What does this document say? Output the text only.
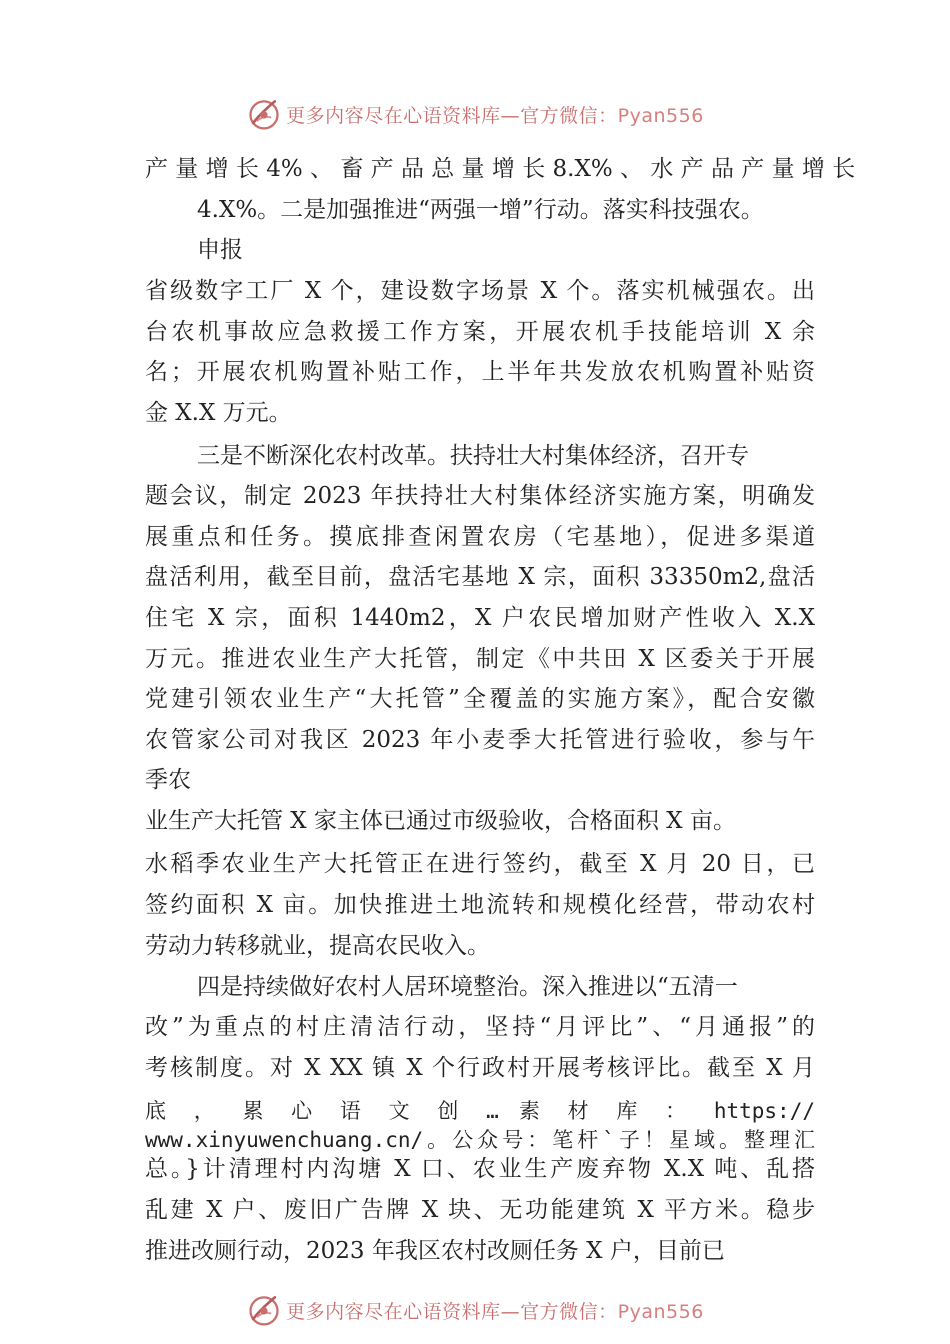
更多内容尽在心语资料库—官方微信：Pyan556
产 量 增 长 4% 、 畜 产 品 总 量 增 长 8.X% 、 水 产 品 产 量 增 长
4.X%。二是加强推进“两强一增”行动。落实科技强农。
申报
省级数字工厂 X 个，建设数字场景 X 个。落实机械强农。出
台农机事故应急救援工作方案，开展农机手技能培训 X 余
名；开展农机购置补贴工作，上半年共发放农机购置补贴资
金 X.X 万元。
三是不断深化农村改革。扶持壮大村集体经济，召开专
题会议，制定 2023 年扶持壮大村集体经济实施方案，明确发
展重点和任务。摸底排查闲置农房（宅基地），促进多渠道
盘活利用，截至目前，盘活宅基地 X 宗，面积 33350m2,盘活
住宅 X 宗，面积 1440m2，X 户农民增加财产性收入 X.X
万元。推进农业生产大托管，制定《中共田 X 区委关于开展
党建引领农业生产“大托管”全覆盖的实施方案》，配合安徽
农管家公司对我区 2023 年小麦季大托管进行验收，参与午
季农
业生产大托管 X 家主体已通过市级验收，合格面积 X 亩。
水稻季农业生产大托管正在进行签约，截至 X 月 20 日，已
签约面积 X 亩。加快推进土地流转和规模化经营，带动农村
劳动力转移就业，提高农民收入。
四是持续做好农村人居环境整治。深入推进以“五清一
改”为重点的村庄清洁行动，坚持“月评比”、“月通报”的
考核制度。对 X XX 镇 X 个行政村开展考核评比。截至 X 月
底 ， 累 心 语 文 创 … 素 材 库 ： https://
www.xinyuwenchuang.cn/。公众号：笔杆`子！星域。整理汇
总。}计清理村内沟塘 X 口、农业生产废弃物 X.X 吨、乱搭
乱建 X 户、废旧广告牌 X 块、无功能建筑 X 平方米。稳步
推进改厕行动，2023 年我区农村改厕任务 X 户，目前已
更多内容尽在心语资料库—官方微信：Pyan556
